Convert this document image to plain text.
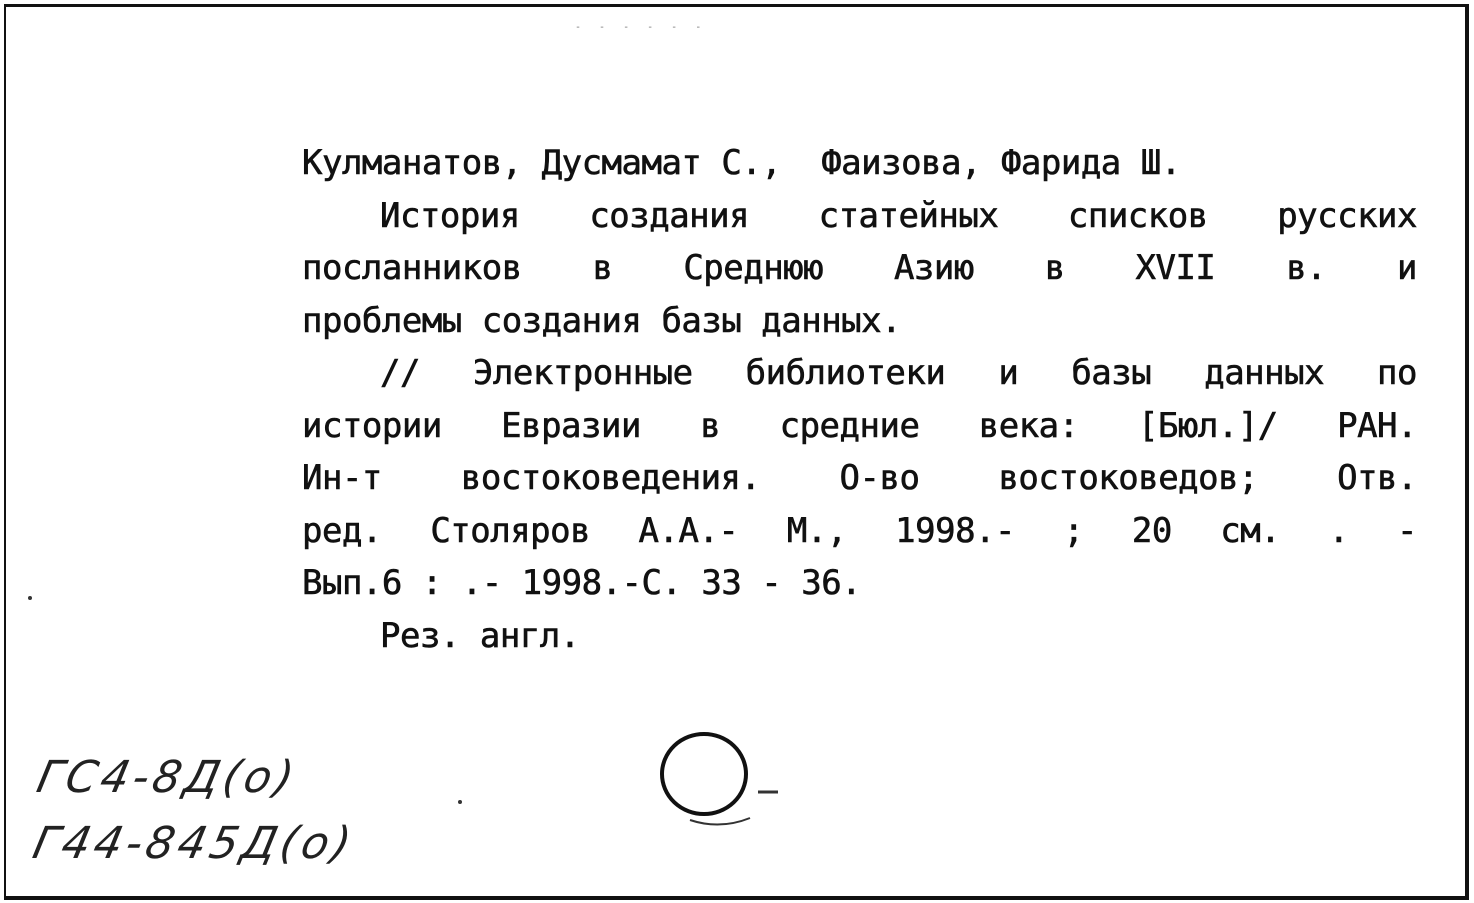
- - - - - -
Кулманатов, Дусмамат С.,  Фаизова, Фарида Ш.
История создания статейных списков русских
посланников в Среднюю Азию в XVII в. и
проблемы создания базы данных.
// Электронные библиотеки и базы данных по
истории Евразии в средние века: [Бюл.]/ РАН.
Ин-т востоковедения. О-во востоковедов; Отв.
ред. Столяров А.А.- М., 1998.- ; 20 см. . -
Вып.6 : .- 1998.-С. 33 - 36.
Рез. англ.
ГС4-8Д(о)
Г44-845Д(о)
